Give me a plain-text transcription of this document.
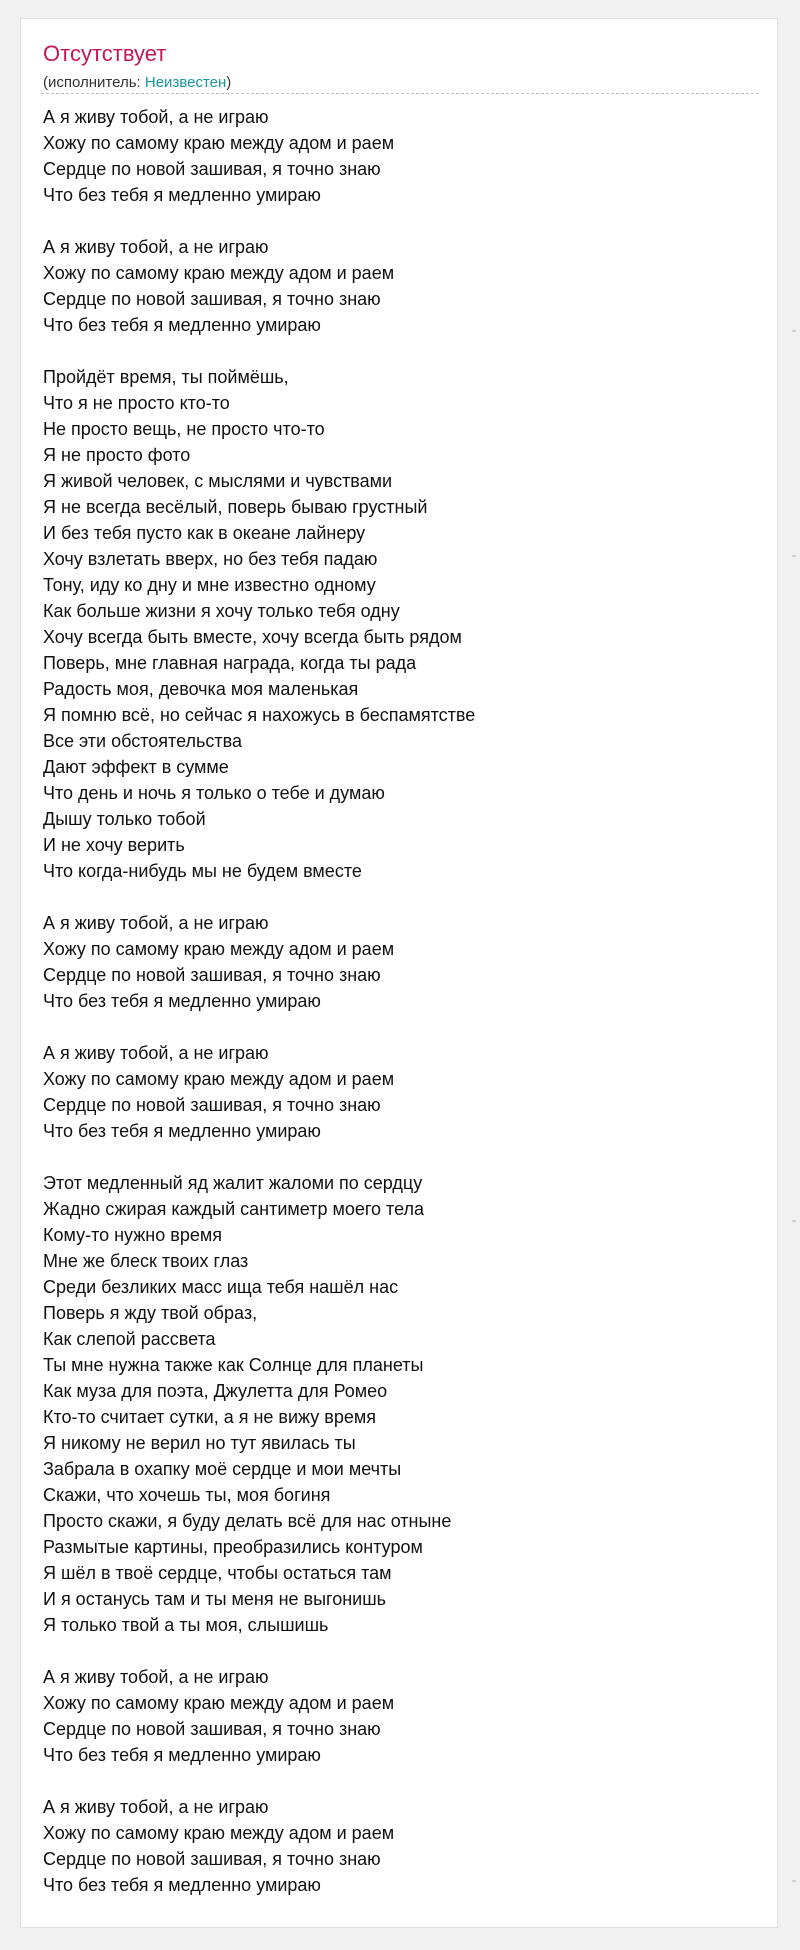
Отсутствует
(исполнитель: Неизвестен)
А я живу тобой, а не играю
Хожу по самому краю между адом и раем
Сердце по новой зашивая, я точно знаю
Что без тебя я медленно умираю
А я живу тобой, а не играю
Хожу по самому краю между адом и раем
Сердце по новой зашивая, я точно знаю
Что без тебя я медленно умираю
Пройдёт время, ты поймёшь,
Что я не просто кто-то
Не просто вещь, не просто что-то
Я не просто фото
Я живой человек, с мыслями и чувствами
Я не всегда весёлый, поверь бываю грустный
И без тебя пусто как в океане лайнеру
Хочу взлетать вверх, но без тебя падаю
Тону, иду ко дну и мне известно одному
Как больше жизни я хочу только тебя одну
Хочу всегда быть вместе, хочу всегда быть рядом
Поверь, мне главная награда, когда ты рада
Радость моя, девочка моя маленькая
Я помню всё, но сейчас я нахожусь в беспамятстве
Все эти обстоятельства
Дают эффект в сумме
Что день и ночь я только о тебе и думаю
Дышу только тобой
И не хочу верить
Что когда-нибудь мы не будем вместе
А я живу тобой, а не играю
Хожу по самому краю между адом и раем
Сердце по новой зашивая, я точно знаю
Что без тебя я медленно умираю
А я живу тобой, а не играю
Хожу по самому краю между адом и раем
Сердце по новой зашивая, я точно знаю
Что без тебя я медленно умираю
Этот медленный яд жалит жаломи по сердцу
Жадно сжирая каждый сантиметр моего тела
Кому-то нужно время
Мне же блеск твоих глаз
Среди безликих масс ища тебя нашёл нас
Поверь я жду твой образ,
Как слепой рассвета
Ты мне нужна также как Солнце для планеты
Как муза для поэта, Джулетта для Ромео
Кто-то считает сутки, а я не вижу время
Я никому не верил но тут явилась ты
Забрала в охапку моё сердце и мои мечты
Скажи, что хочешь ты, моя богиня
Просто скажи, я буду делать всё для нас отныне
Размытые картины, преобразились контуром
Я шёл в твоё сердце, чтобы остаться там
И я останусь там и ты меня не выгонишь
Я только твой а ты моя, слышишь
А я живу тобой, а не играю
Хожу по самому краю между адом и раем
Сердце по новой зашивая, я точно знаю
Что без тебя я медленно умираю
А я живу тобой, а не играю
Хожу по самому краю между адом и раем
Сердце по новой зашивая, я точно знаю
Что без тебя я медленно умираю
